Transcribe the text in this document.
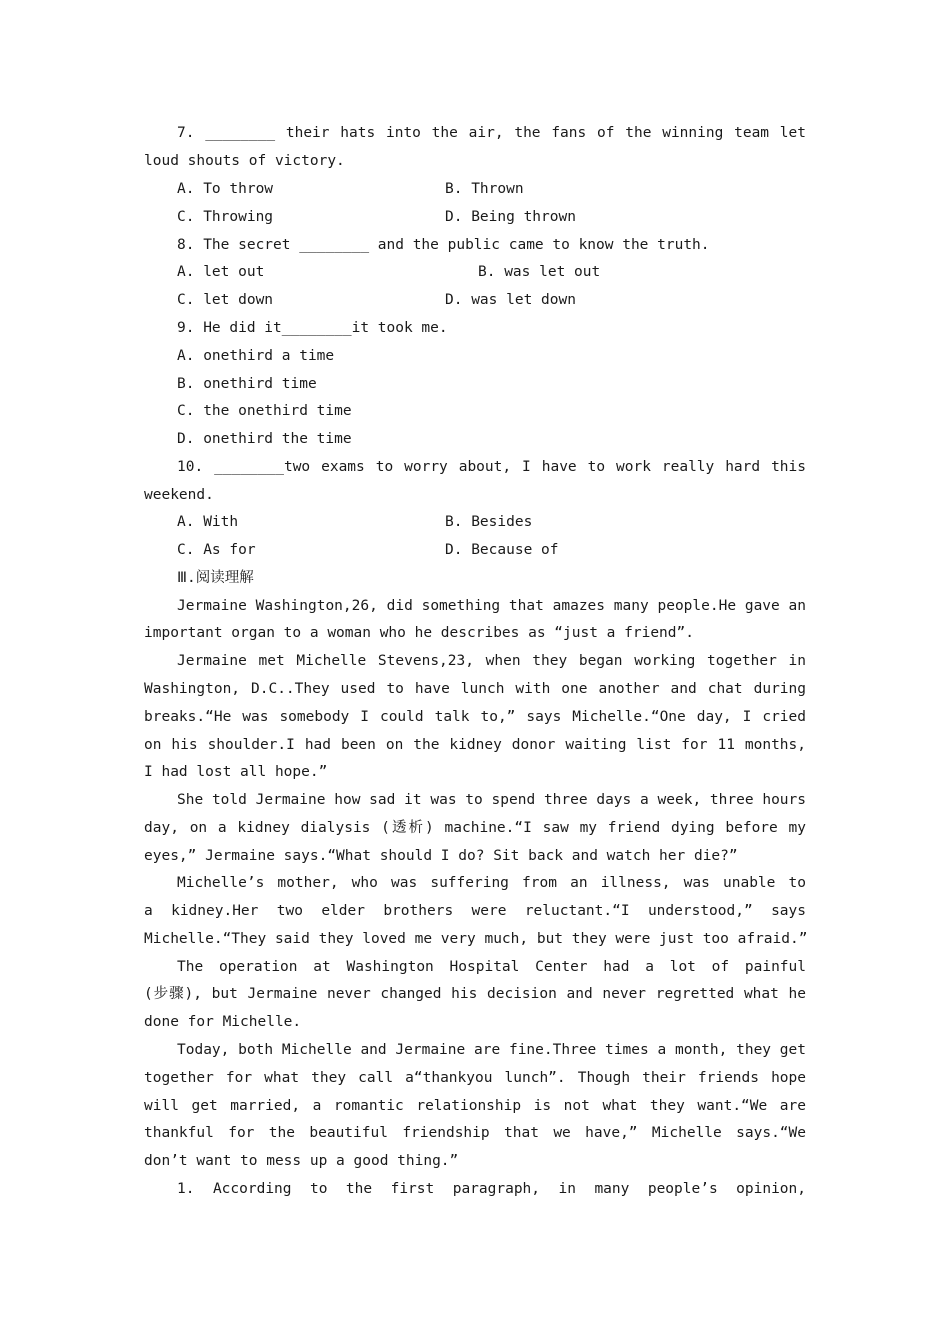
7. ________ their hats into the air, the fans of the winning team let
loud shouts of victory.
A. To throw	B. Thrown
C. Throwing	D. Being thrown
8. The secret ________ and the public came to know the truth.
A. let out	B. was let out
C. let down	D. was let down
9. He did it________it took me.
A. onethird a time
B. onethird time
C. the onethird time
D. onethird the time
10. ________two exams to worry about, I have to work really hard this
weekend.
A. With	B. Besides
C. As for	D. Because of
Ⅲ.阅读理解
Jermaine Washington,26, did something that amazes many people.He gave an
important organ to a woman who he describes as “just a friend”.
Jermaine met Michelle Stevens,23, when they began working together in
Washington, D.C..They used to have lunch with one another and chat during
breaks.“He was somebody I could talk to,” says Michelle.“One day, I cried
on his shoulder.I had been on the kidney donor waiting list for 11 months,
I had lost all hope.”
She told Jermaine how sad it was to spend three days a week, three hours
day, on a kidney dialysis (透析) machine.“I saw my friend dying before my
eyes,” Jermaine says.“What should I do? Sit back and watch her die?”
Michelle’s mother, who was suffering from an illness, was unable to
a kidney.Her two elder brothers were reluctant.“I understood,” says
Michelle.“They said they loved me very much, but they were just too afraid.”
The operation at Washington Hospital Center had a lot of painful
(步骤), but Jermaine never changed his decision and never regretted what he
done for Michelle.
Today, both Michelle and Jermaine are fine.Three times a month, they get
together for what they call a“thankyou lunch”. Though their friends hope
will get married, a romantic relationship is not what they want.“We are
thankful for the beautiful friendship that we have,” Michelle says.“We
don’t want to mess up a good thing.”
1. According to the first paragraph, in many people’s opinion,
